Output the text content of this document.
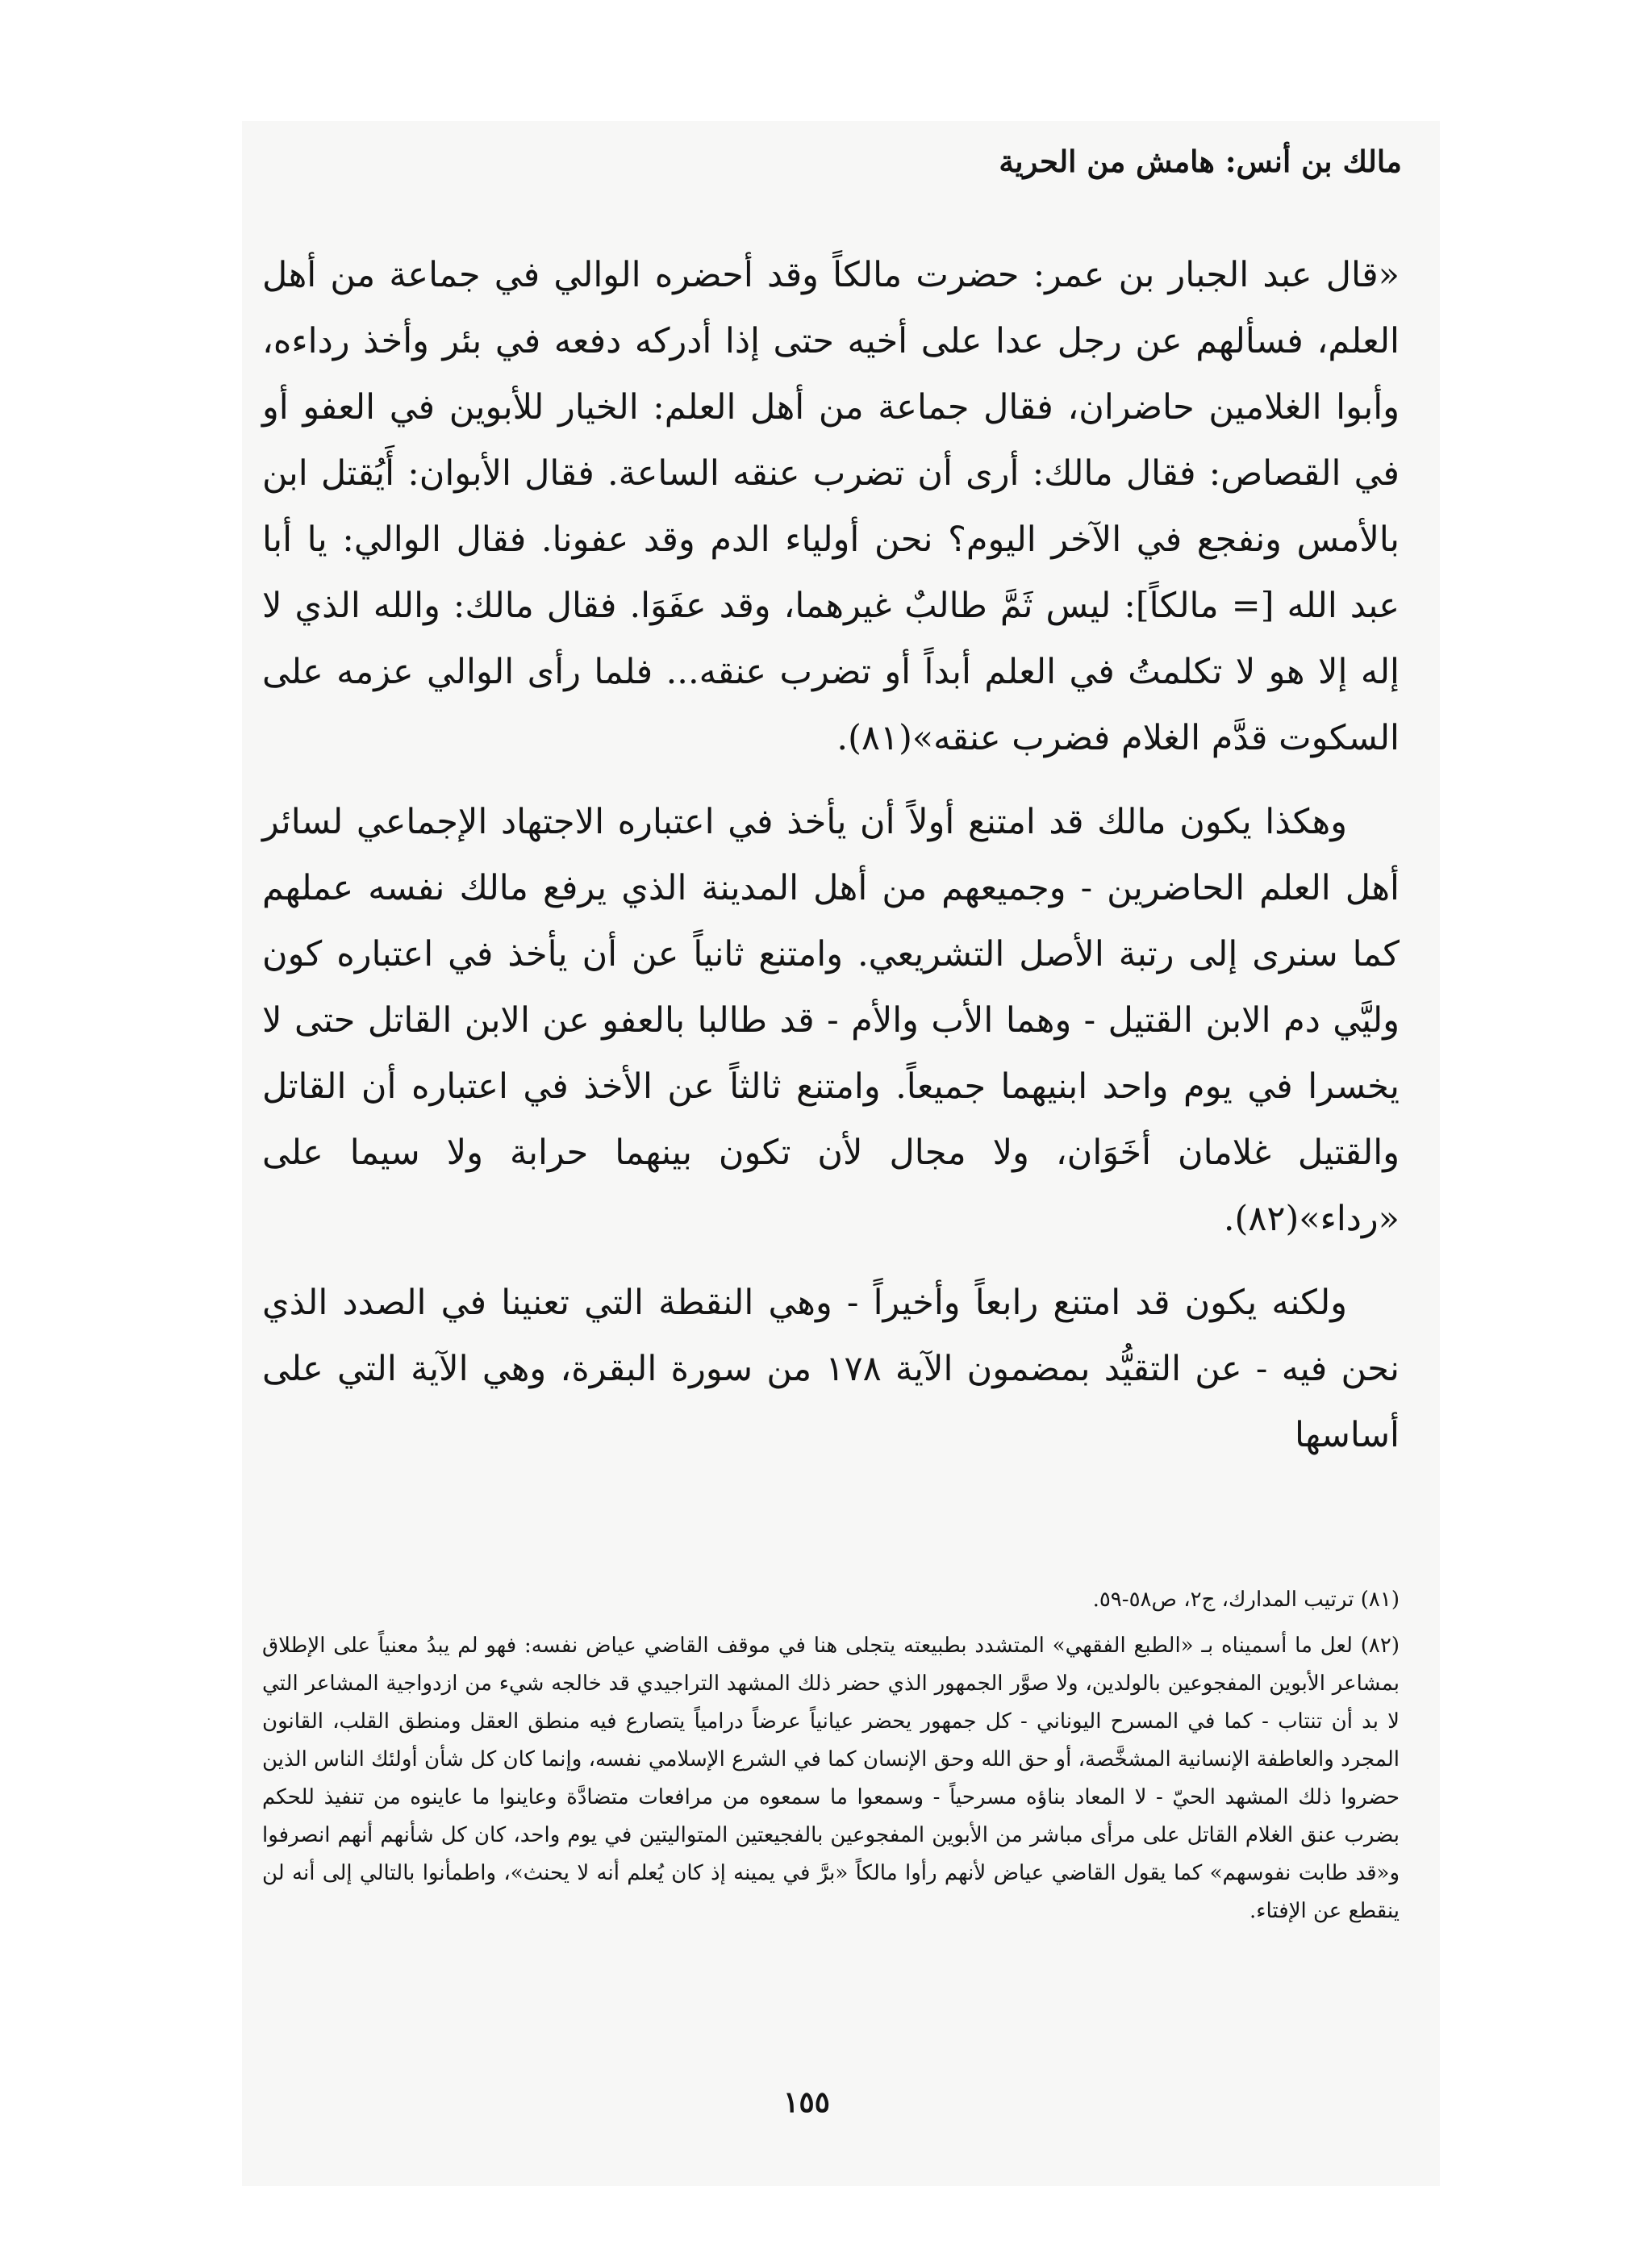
مالك بن أنس: هامش من الحرية

«قال عبد الجبار بن عمر: حضرت مالكاً وقد أحضره الوالي في جماعة من أهل العلم، فسألهم عن رجل عدا على أخيه حتى إذا أدركه دفعه في بئر وأخذ رداءه، وأبوا الغلامين حاضران، فقال جماعة من أهل العلم: الخيار للأبوين في العفو أو في القصاص: فقال مالك: أرى أن تضرب عنقه الساعة. فقال الأبوان: أَيُقتل ابن بالأمس ونفجع في الآخر اليوم؟ نحن أولياء الدم وقد عفونا. فقال الوالي: يا أبا عبد الله [= مالكاً]: ليس ثَمَّ طالبٌ غيرهما، وقد عفَوَا. فقال مالك: والله الذي لا إله إلا هو لا تكلمتُ في العلم أبداً أو تضرب عنقه... فلما رأى الوالي عزمه على السكوت قدَّم الغلام فضرب عنقه»(٨١).

وهكذا يكون مالك قد امتنع أولاً أن يأخذ في اعتباره الاجتهاد الإجماعي لسائر أهل العلم الحاضرين - وجميعهم من أهل المدينة الذي يرفع مالك نفسه عملهم كما سنرى إلى رتبة الأصل التشريعي. وامتنع ثانياً عن أن يأخذ في اعتباره كون وليَّي دم الابن القتيل - وهما الأب والأم - قد طالبا بالعفو عن الابن القاتل حتى لا يخسرا في يوم واحد ابنيهما جميعاً. وامتنع ثالثاً عن الأخذ في اعتباره أن القاتل والقتيل غلامان أخَوَان، ولا مجال لأن تكون بينهما حرابة ولا سيما على «رداء»(٨٢).

ولكنه يكون قد امتنع رابعاً وأخيراً - وهي النقطة التي تعنينا في الصدد الذي نحن فيه - عن التقيُّد بمضمون الآية ١٧٨ من سورة البقرة، وهي الآية التي على أساسها

(٨١) ترتيب المدارك، ج٢، ص٥٨-٥٩.

(٨٢) لعل ما أسميناه بـ «الطبع الفقهي» المتشدد بطبيعته يتجلى هنا في موقف القاضي عياض نفسه: فهو لم يبدُ معنياً على الإطلاق بمشاعر الأبوين المفجوعين بالولدين، ولا صوَّر الجمهور الذي حضر ذلك المشهد التراجيدي قد خالجه شيء من ازدواجية المشاعر التي لا بد أن تنتاب - كما في المسرح اليوناني - كل جمهور يحضر عيانياً عرضاً درامياً يتصارع فيه منطق العقل ومنطق القلب، القانون المجرد والعاطفة الإنسانية المشخَّصة، أو حق الله وحق الإنسان كما في الشرع الإسلامي نفسه، وإنما كان كل شأن أولئك الناس الذين حضروا ذلك المشهد الحيّ - لا المعاد بناؤه مسرحياً - وسمعوا ما سمعوه من مرافعات متضادَّة وعاينوا ما عاينوه من تنفيذ للحكم بضرب عنق الغلام القاتل على مرأى مباشر من الأبوين المفجوعين بالفجيعتين المتواليتين في يوم واحد، كان كل شأنهم أنهم انصرفوا و«قد طابت نفوسهم» كما يقول القاضي عياض لأنهم رأوا مالكاً «برَّ في يمينه إذ كان يُعلم أنه لا يحنث»، واطمأنوا بالتالي إلى أنه لن ينقطع عن الإفتاء.

١٥٥
